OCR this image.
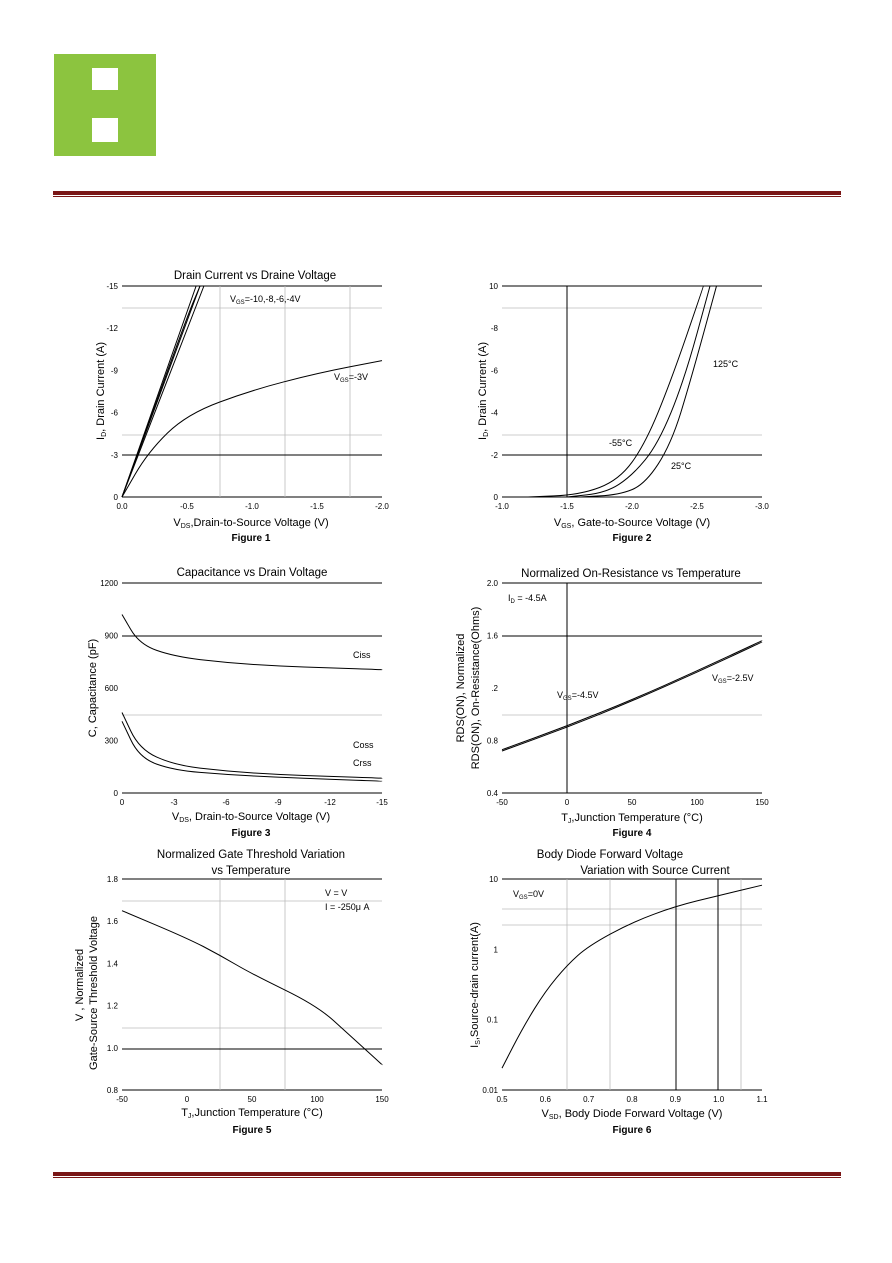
Drain Current vs Draine Voltage
0.0	-0.5	-1.0	-1.5	-2.0
0
-3
-6
-9
-12
-15
$V_{GS}=-10,-8,-6,-4V$
$V_{GS}=-3V$
VDS,Drain-to-Source Voltage (V)
ID, Drain Current (A)
Figure 1
-1.0	-1.5	-2.0	-2.5	-3.0
0
-2
-4
-6
-8
10
125°C
-55°C
25°C
VGS, Gate-to-Source Voltage (V)
ID, Drain Current (A)
Figure 2
Capacitance vs Drain Voltage
0	-3	-6	-9	-12	-15
0
300
600
900
1200
Ciss
Coss
Crss
VDS, Drain-to-Source Voltage (V)
C, Capacitance (pF)
Figure 3
Normalized On-Resistance vs Temperature
-50	0	50	100	150
0.4
0.8
.2
1.6
2.0
$I_D = -4.5A$
$V_{GS}=-4.5V$
$V_{GS}=-2.5V$
TJ,Junction Temperature (°C)
RDS(ON), Normalized RDS(ON), On-Resistance(Ohms)
Figure 4
Normalized Gate Threshold Variation
vs Temperature
-50	0	50	100	150
0.8
1.0
1.2
1.4
1.6
1.8
V = V
I = -250μ A
TJ,Junction Temperature (°C)
V , Normalized Gate-Source Threshold Voltage
Figure 5
Body Diode Forward Voltage
Variation with Source Current
0.5	0.6	0.7	0.8	0.9	1.0	1.1
0.01
0.1
1
10
$V_{GS}=0V$
VSD, Body Diode Forward Voltage (V)
IS,Source-drain current(A)
Figure 6
